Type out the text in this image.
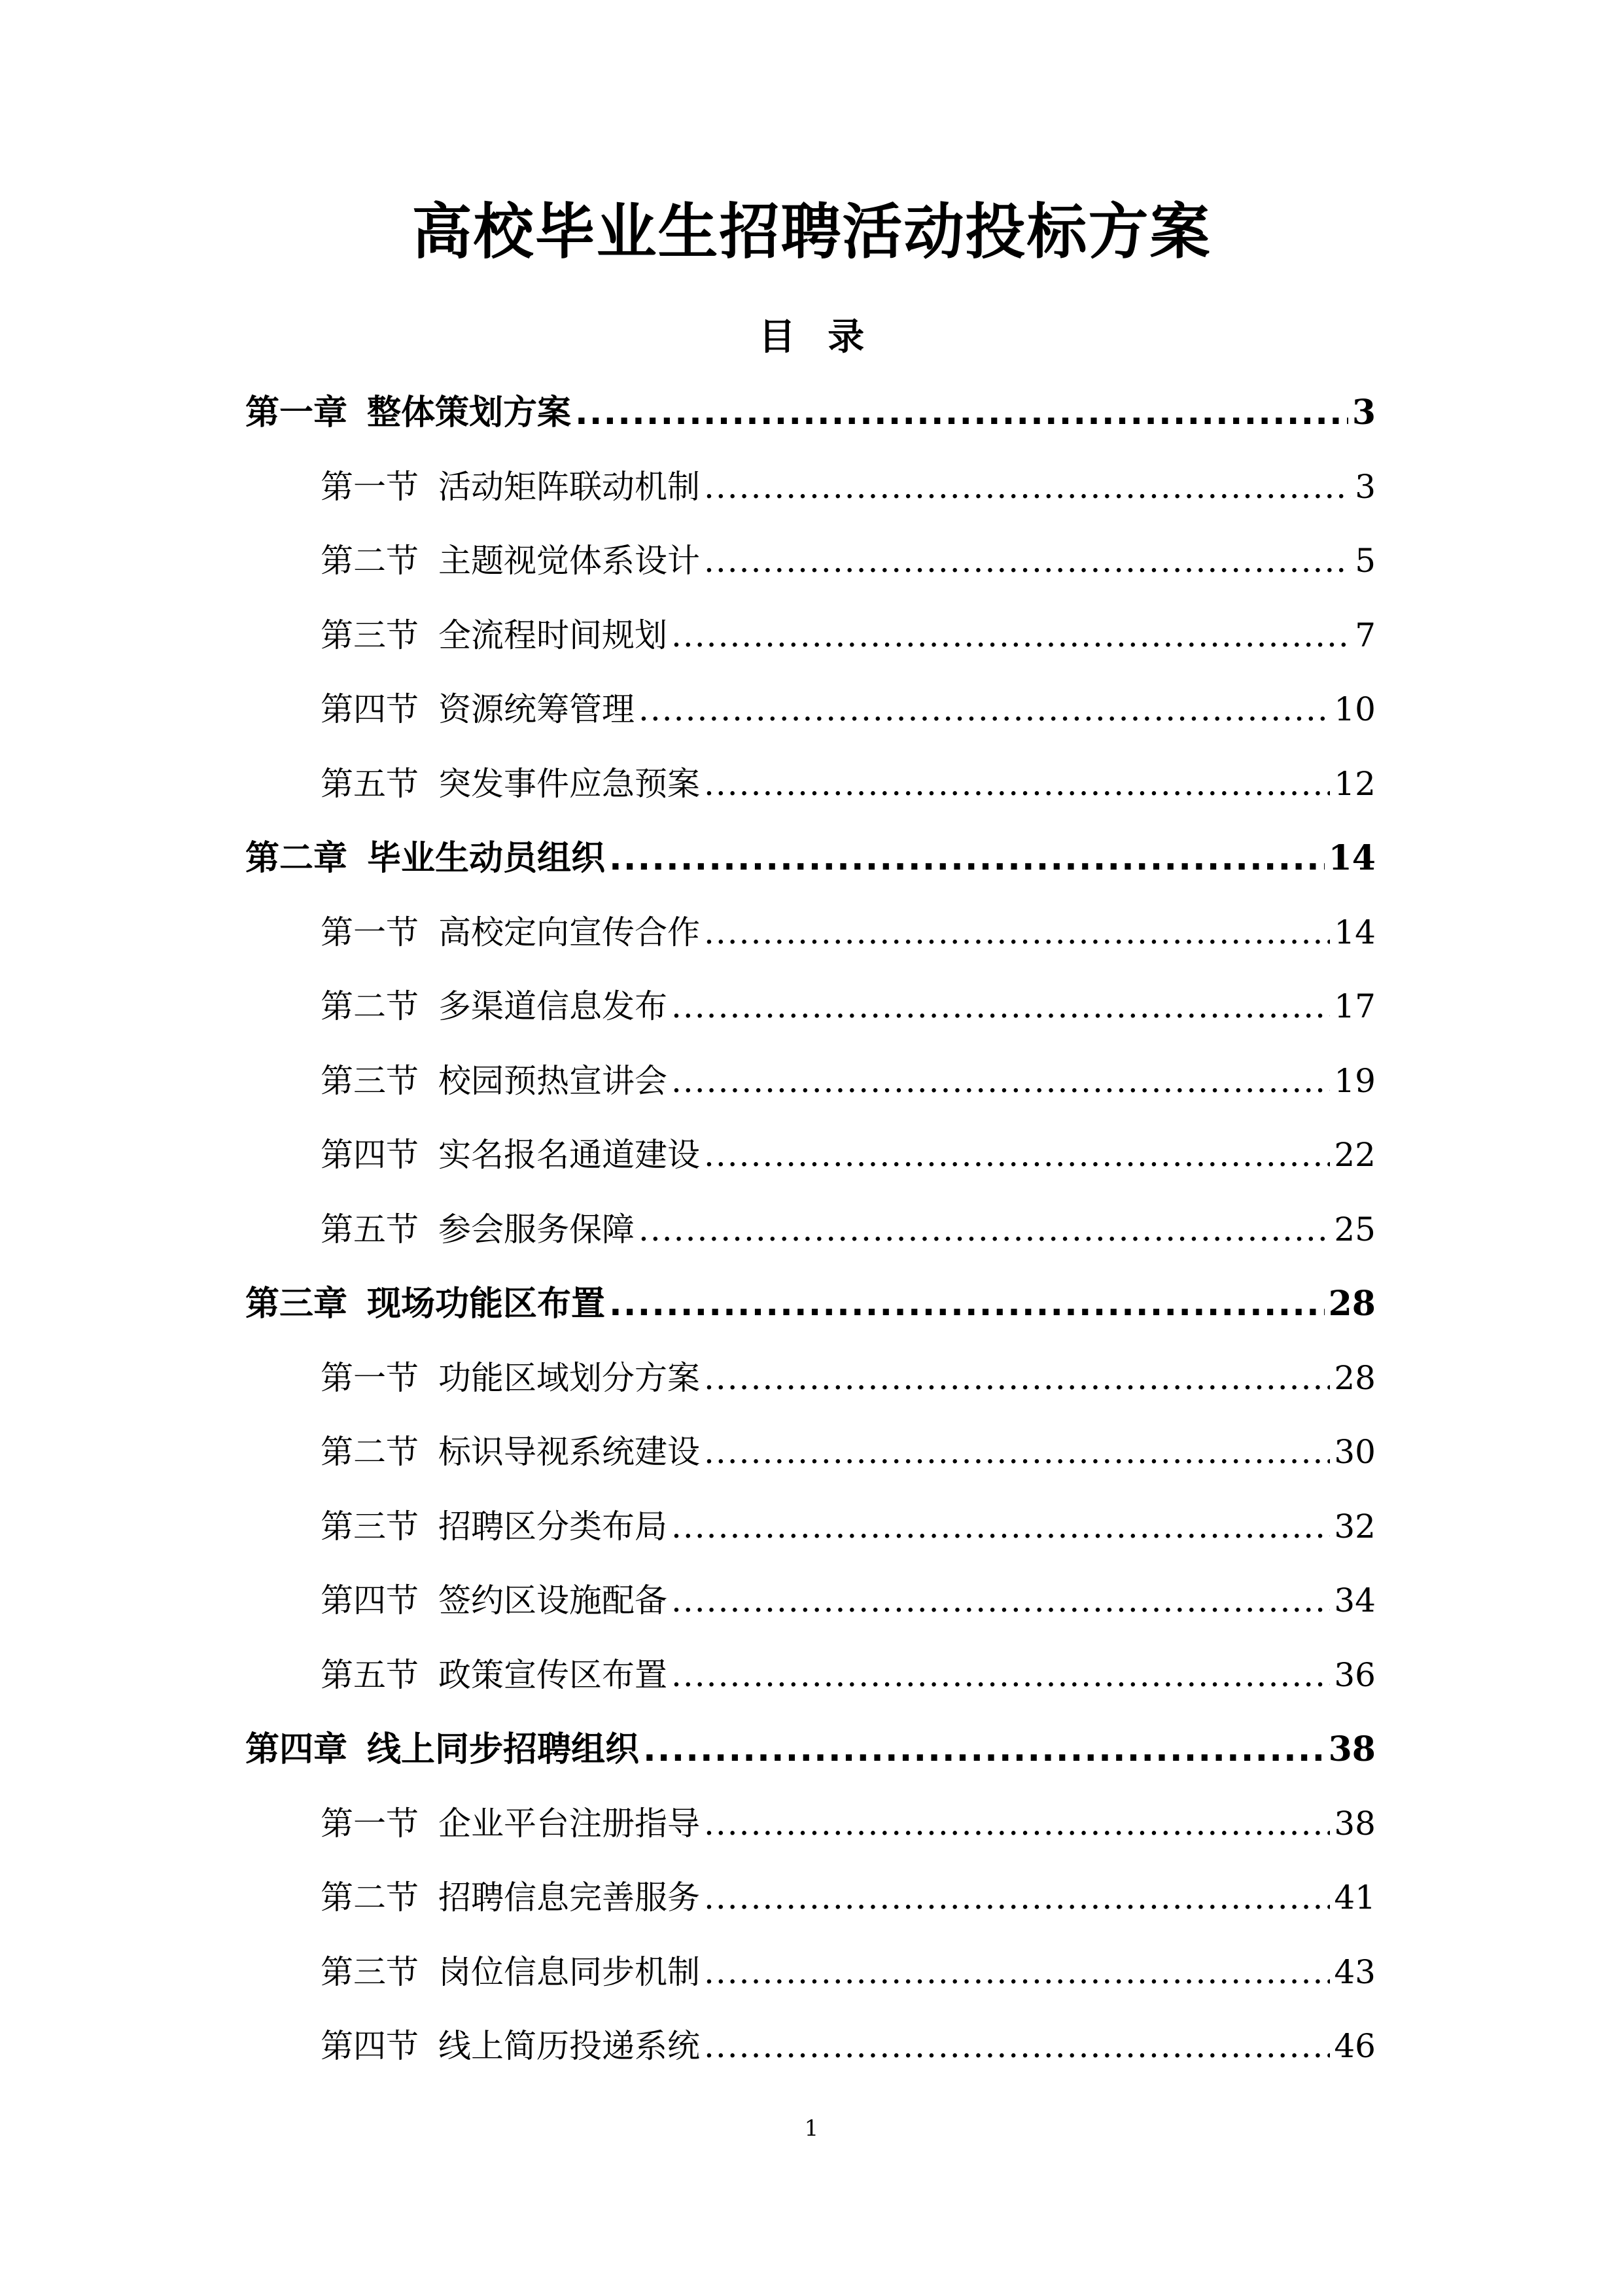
高校毕业生招聘活动投标方案
目 录
第一章 整体策划方案 .....	3
第一节 活动矩阵联动机制 .....	3
第二节 主题视觉体系设计 .....	5
第三节 全流程时间规划 .....	7
第四节 资源统筹管理 .....	10
第五节 突发事件应急预案 .....	12
第二章 毕业生动员组织 .....	14
第一节 高校定向宣传合作 .....	14
第二节 多渠道信息发布 .....	17
第三节 校园预热宣讲会 .....	19
第四节 实名报名通道建设 .....	22
第五节 参会服务保障 .....	25
第三章 现场功能区布置 .....	28
第一节 功能区域划分方案 .....	28
第二节 标识导视系统建设 .....	30
第三节 招聘区分类布局 .....	32
第四节 签约区设施配备 .....	34
第五节 政策宣传区布置 .....	36
第四章 线上同步招聘组织 .....	38
第一节 企业平台注册指导 .....	38
第二节 招聘信息完善服务 .....	41
第三节 岗位信息同步机制 .....	43
第四节 线上简历投递系统 .....	46
1
